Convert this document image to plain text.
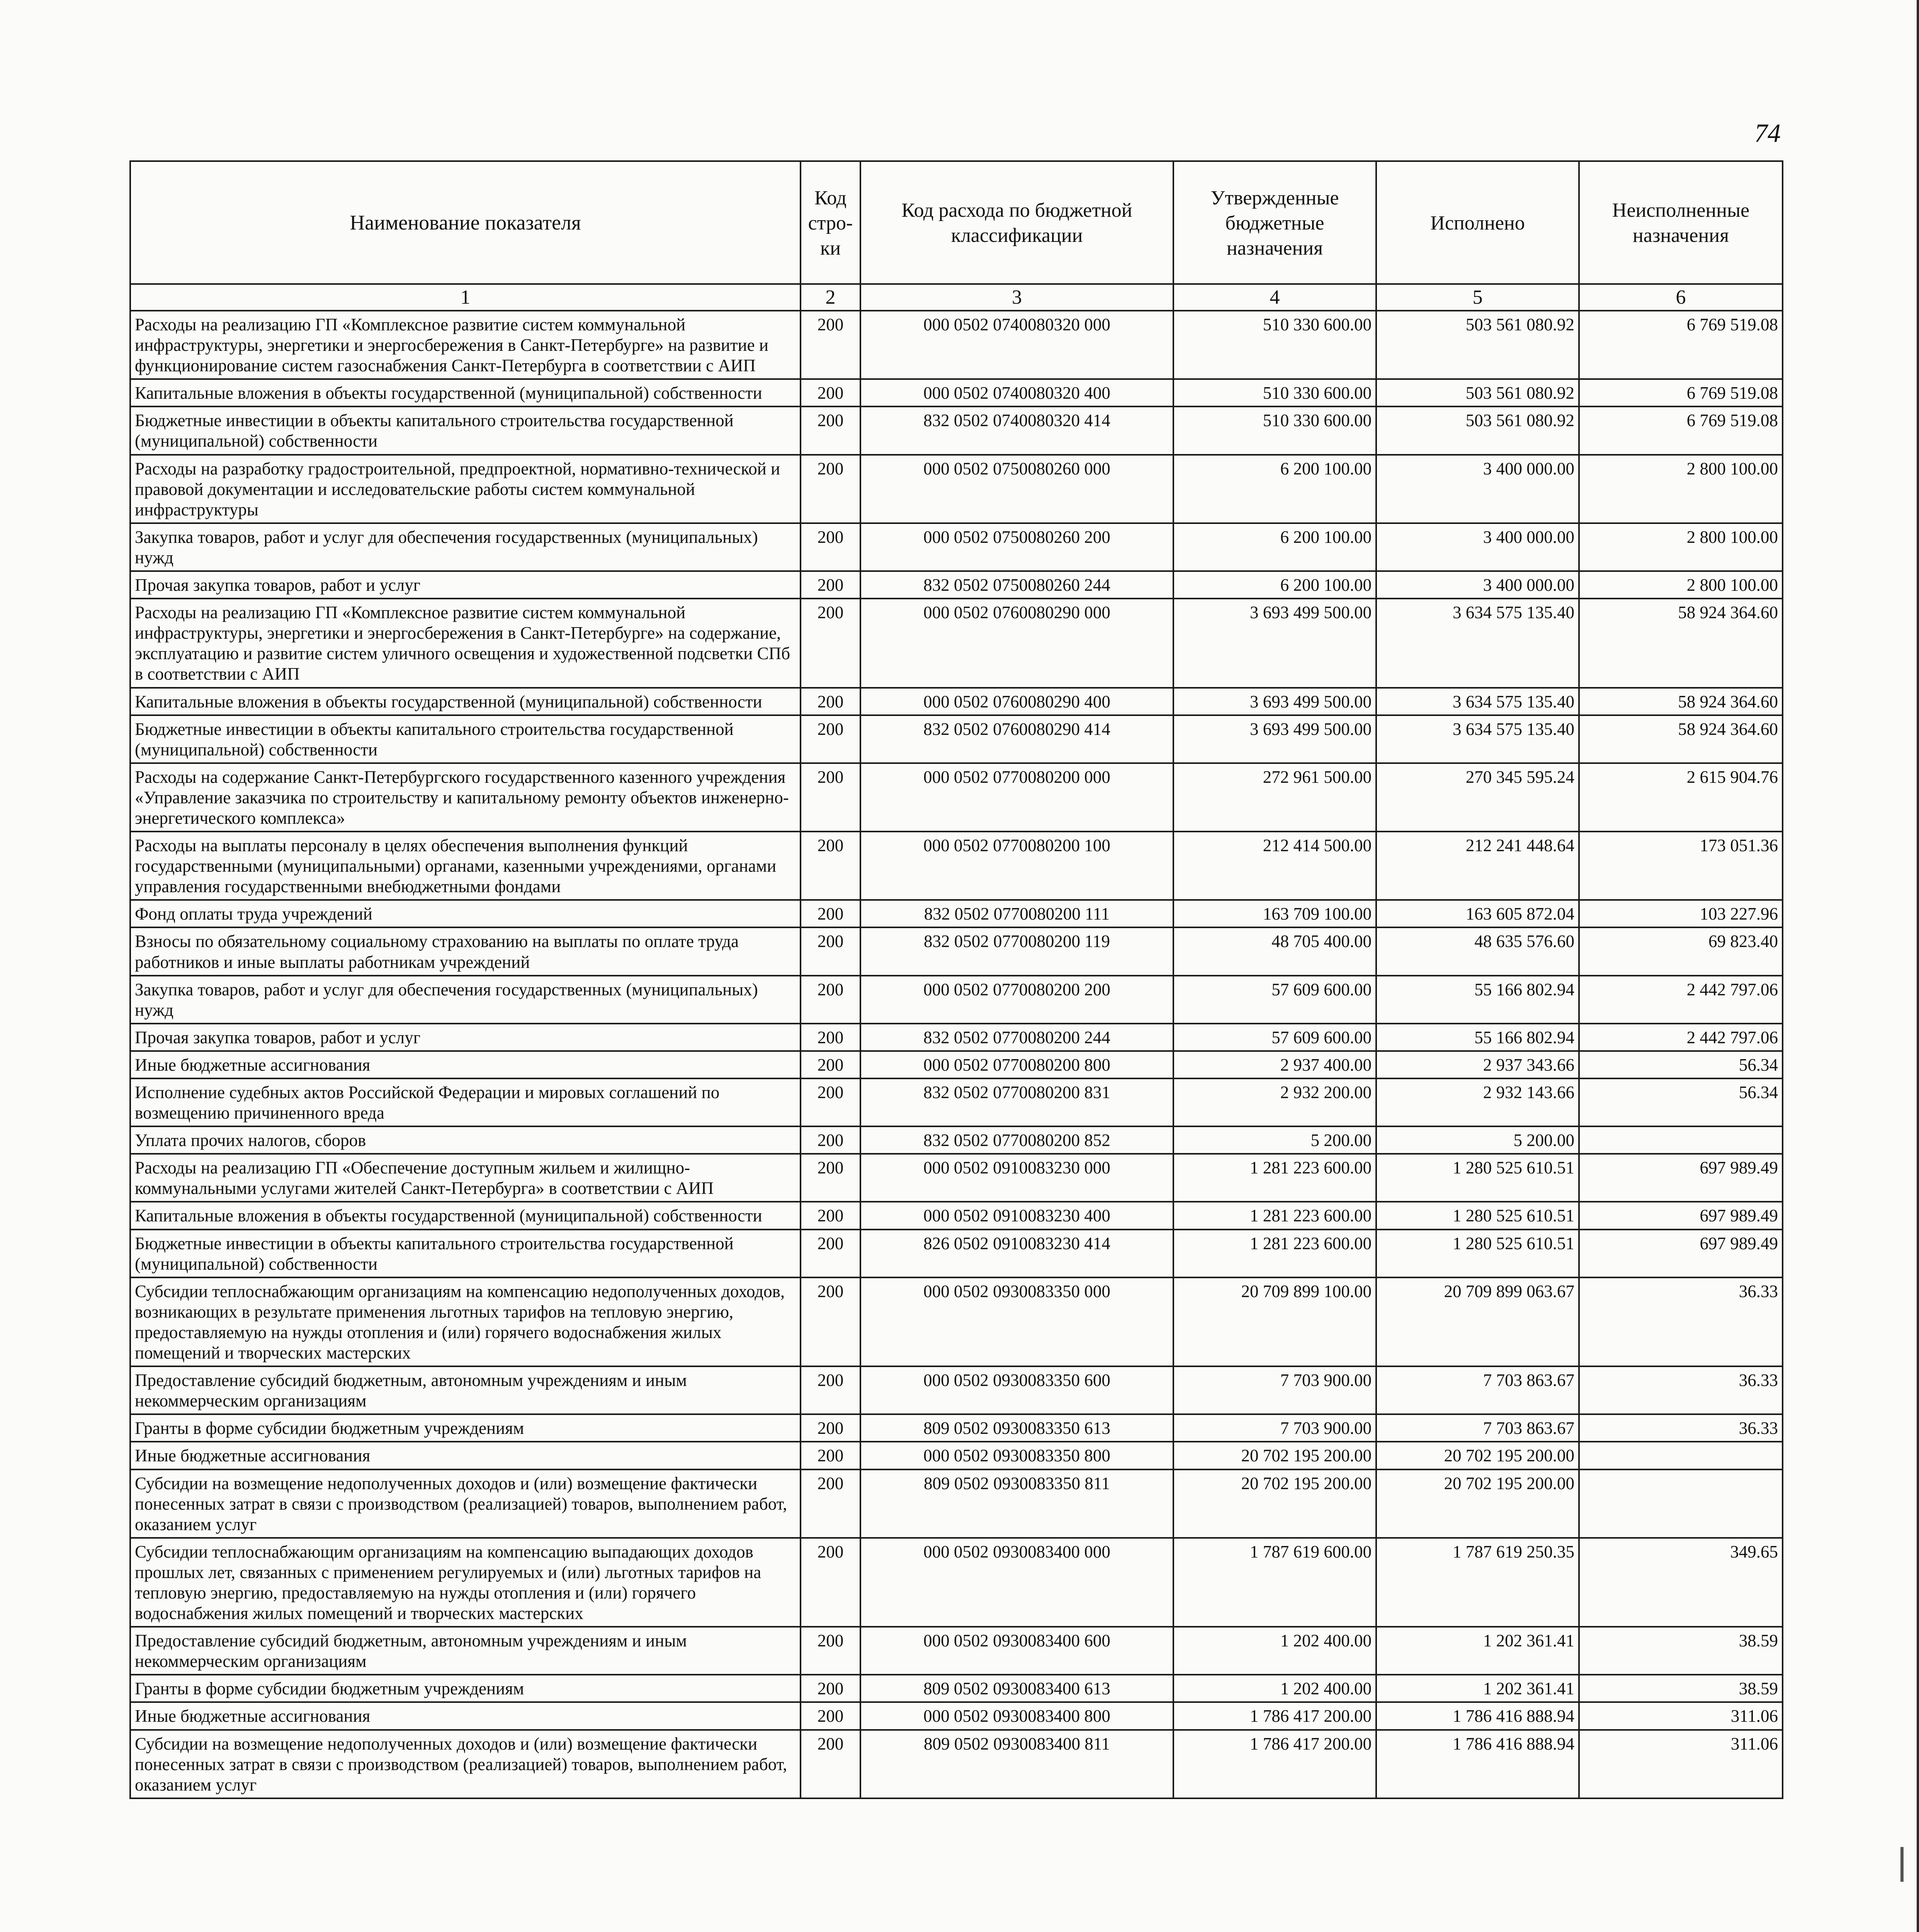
74
Наименование показателя	Код стро-ки	Код расхода по бюджетной классификации	Утвержденные бюджетные назначения	Исполнено	Неисполненные назначения
1	2	3	4	5	6
Расходы на реализацию ГП «Комплексное развитие систем коммунальной инфраструктуры, энергетики и энергосбережения в Санкт-Петербурге» на развитие и функционирование систем газоснабжения Санкт-Петербурга в соответствии с АИП	200	000 0502 0740080320 000	510 330 600.00	503 561 080.92	6 769 519.08
Капитальные вложения в объекты государственной (муниципальной) собственности	200	000 0502 0740080320 400	510 330 600.00	503 561 080.92	6 769 519.08
Бюджетные инвестиции в объекты капитального строительства государственной (муниципальной) собственности	200	832 0502 0740080320 414	510 330 600.00	503 561 080.92	6 769 519.08
Расходы на разработку градостроительной, предпроектной, нормативно-технической и правовой документации и исследовательские работы систем коммунальной инфраструктуры	200	000 0502 0750080260 000	6 200 100.00	3 400 000.00	2 800 100.00
Закупка товаров, работ и услуг для обеспечения государственных (муниципальных) нужд	200	000 0502 0750080260 200	6 200 100.00	3 400 000.00	2 800 100.00
Прочая закупка товаров, работ и услуг	200	832 0502 0750080260 244	6 200 100.00	3 400 000.00	2 800 100.00
Расходы на реализацию ГП «Комплексное развитие систем коммунальной инфраструктуры, энергетики и энергосбережения в Санкт-Петербурге» на содержание, эксплуатацию и развитие систем уличного освещения и художественной подсветки СПб в соответствии с АИП	200	000 0502 0760080290 000	3 693 499 500.00	3 634 575 135.40	58 924 364.60
Капитальные вложения в объекты государственной (муниципальной) собственности	200	000 0502 0760080290 400	3 693 499 500.00	3 634 575 135.40	58 924 364.60
Бюджетные инвестиции в объекты капитального строительства государственной (муниципальной) собственности	200	832 0502 0760080290 414	3 693 499 500.00	3 634 575 135.40	58 924 364.60
Расходы на содержание Санкт-Петербургского государственного казенного учреждения «Управление заказчика по строительству и капитальному ремонту объектов инженерно-энергетического комплекса»	200	000 0502 0770080200 000	272 961 500.00	270 345 595.24	2 615 904.76
Расходы на выплаты персоналу в целях обеспечения выполнения функций государственными (муниципальными) органами, казенными учреждениями, органами управления государственными внебюджетными фондами	200	000 0502 0770080200 100	212 414 500.00	212 241 448.64	173 051.36
Фонд оплаты труда учреждений	200	832 0502 0770080200 111	163 709 100.00	163 605 872.04	103 227.96
Взносы по обязательному социальному страхованию на выплаты по оплате труда работников и иные выплаты работникам учреждений	200	832 0502 0770080200 119	48 705 400.00	48 635 576.60	69 823.40
Закупка товаров, работ и услуг для обеспечения государственных (муниципальных) нужд	200	000 0502 0770080200 200	57 609 600.00	55 166 802.94	2 442 797.06
Прочая закупка товаров, работ и услуг	200	832 0502 0770080200 244	57 609 600.00	55 166 802.94	2 442 797.06
Иные бюджетные ассигнования	200	000 0502 0770080200 800	2 937 400.00	2 937 343.66	56.34
Исполнение судебных актов Российской Федерации и мировых соглашений по возмещению причиненного вреда	200	832 0502 0770080200 831	2 932 200.00	2 932 143.66	56.34
Уплата прочих налогов, сборов	200	832 0502 0770080200 852	5 200.00	5 200.00	
Расходы на реализацию ГП «Обеспечение доступным жильем и жилищно-коммунальными услугами жителей Санкт-Петербурга» в соответствии с АИП	200	000 0502 0910083230 000	1 281 223 600.00	1 280 525 610.51	697 989.49
Капитальные вложения в объекты государственной (муниципальной) собственности	200	000 0502 0910083230 400	1 281 223 600.00	1 280 525 610.51	697 989.49
Бюджетные инвестиции в объекты капитального строительства государственной (муниципальной) собственности	200	826 0502 0910083230 414	1 281 223 600.00	1 280 525 610.51	697 989.49
Субсидии теплоснабжающим организациям на компенсацию недополученных доходов, возникающих в результате применения льготных тарифов на тепловую энергию, предоставляемую на нужды отопления и (или) горячего водоснабжения жилых помещений и творческих мастерских	200	000 0502 0930083350 000	20 709 899 100.00	20 709 899 063.67	36.33
Предоставление субсидий бюджетным, автономным учреждениям и иным некоммерческим организациям	200	000 0502 0930083350 600	7 703 900.00	7 703 863.67	36.33
Гранты в форме субсидии бюджетным учреждениям	200	809 0502 0930083350 613	7 703 900.00	7 703 863.67	36.33
Иные бюджетные ассигнования	200	000 0502 0930083350 800	20 702 195 200.00	20 702 195 200.00	
Субсидии на возмещение недополученных доходов и (или) возмещение фактически понесенных затрат в связи с производством (реализацией) товаров, выполнением работ, оказанием услуг	200	809 0502 0930083350 811	20 702 195 200.00	20 702 195 200.00	
Субсидии теплоснабжающим организациям на компенсацию выпадающих доходов прошлых лет, связанных с применением регулируемых и (или) льготных тарифов на тепловую энергию, предоставляемую на нужды отопления и (или) горячего водоснабжения жилых помещений и творческих мастерских	200	000 0502 0930083400 000	1 787 619 600.00	1 787 619 250.35	349.65
Предоставление субсидий бюджетным, автономным учреждениям и иным некоммерческим организациям	200	000 0502 0930083400 600	1 202 400.00	1 202 361.41	38.59
Гранты в форме субсидии бюджетным учреждениям	200	809 0502 0930083400 613	1 202 400.00	1 202 361.41	38.59
Иные бюджетные ассигнования	200	000 0502 0930083400 800	1 786 417 200.00	1 786 416 888.94	311.06
Субсидии на возмещение недополученных доходов и (или) возмещение фактически понесенных затрат в связи с производством (реализацией) товаров, выполнением работ, оказанием услуг	200	809 0502 0930083400 811	1 786 417 200.00	1 786 416 888.94	311.06
